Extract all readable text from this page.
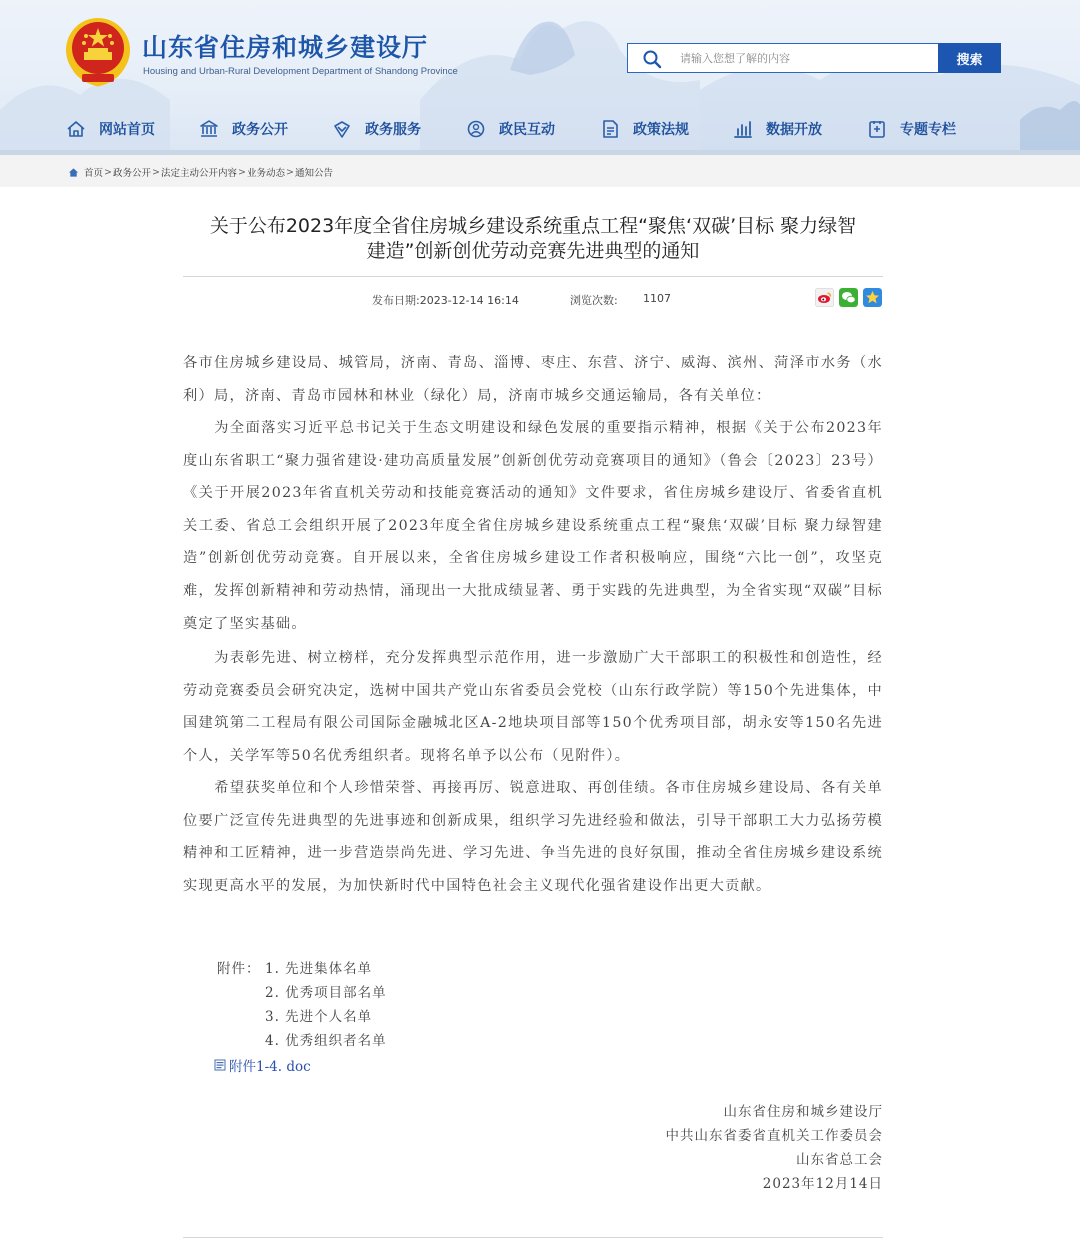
山东省住房和城乡建设厅
Housing and Urban-Rural Development Department of Shandong Province
请输入您想了解的内容
搜索
网站首页	政务公开	政务服务	政民互动	政策法规	数据开放	专题专栏
首页 > 政务公开 > 法定主动公开内容 > 业务动态 > 通知公告
关于公布2023年度全省住房城乡建设系统重点工程“聚焦‘双碳’目标 聚力绿智
建造”创新创优劳动竞赛先进典型的通知
发布日期:2023-12-14 16:14	浏览次数: 1107
各市住房城乡建设局、城管局，济南、青岛、淄博、枣庄、东营、济宁、威海、滨州、菏泽市水务（水利）局，济南、青岛市园林和林业（绿化）局，济南市城乡交通运输局，各有关单位：
为全面落实习近平总书记关于生态文明建设和绿色发展的重要指示精神，根据《关于公布2023年度山东省职工“聚力强省建设·建功高质量发展”创新创优劳动竞赛项目的通知》（鲁会〔2023〕23号）《关于开展2023年省直机关劳动和技能竞赛活动的通知》文件要求，省住房城乡建设厅、省委省直机关工委、省总工会组织开展了2023年度全省住房城乡建设系统重点工程“聚焦‘双碳’目标 聚力绿智建造”创新创优劳动竞赛。自开展以来，全省住房城乡建设工作者积极响应，围绕“六比一创”，攻坚克难，发挥创新精神和劳动热情，涌现出一大批成绩显著、勇于实践的先进典型，为全省实现“双碳”目标奠定了坚实基础。
为表彰先进、树立榜样，充分发挥典型示范作用，进一步激励广大干部职工的积极性和创造性，经劳动竞赛委员会研究决定，选树中国共产党山东省委员会党校（山东行政学院）等150个先进集体，中国建筑第二工程局有限公司国际金融城北区A-2地块项目部等150个优秀项目部，胡永安等150名先进个人，关学军等50名优秀组织者。现将名单予以公布（见附件）。
希望获奖单位和个人珍惜荣誉、再接再厉、锐意进取、再创佳绩。各市住房城乡建设局、各有关单位要广泛宣传先进典型的先进事迹和创新成果，组织学习先进经验和做法，引导干部职工大力弘扬劳模精神和工匠精神，进一步营造崇尚先进、学习先进、争当先进的良好氛围，推动全省住房城乡建设系统实现更高水平的发展，为加快新时代中国特色社会主义现代化强省建设作出更大贡献。
附件： 1. 先进集体名单
2. 优秀项目部名单
3. 先进个人名单
4. 优秀组织者名单
附件1-4. doc
山东省住房和城乡建设厅
中共山东省委省直机关工作委员会
山东省总工会
2023年12月14日
